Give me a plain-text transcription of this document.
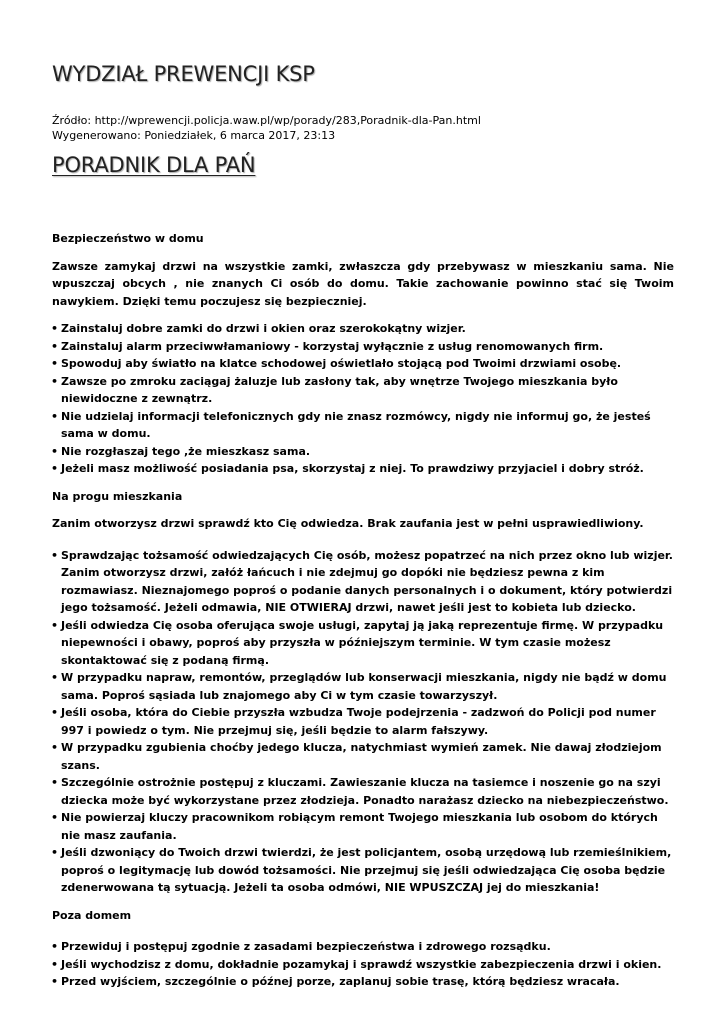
WYDZIAŁ PREWENCJI KSP
Źródło: http://wprewencji.policja.waw.pl/wp/porady/283,Poradnik-dla-Pan.html
Wygenerowano: Poniedziałek, 6 marca 2017, 23:13
PORADNIK DLA PAŃ

Bezpieczeństwo w domu

Zawsze zamykaj drzwi na wszystkie zamki, zwłaszcza gdy przebywasz w mieszkaniu sama. Nie wpuszczaj obcych , nie znanych Ci osób do domu. Takie zachowanie powinno stać się Twoim nawykiem. Dzięki temu poczujesz się bezpieczniej.

• Zainstaluj dobre zamki do drzwi i okien oraz szerokokątny wizjer.
• Zainstaluj alarm przeciwwłamaniowy - korzystaj wyłącznie z usług renomowanych firm.
• Spowoduj aby światło na klatce schodowej oświetlało stojącą pod Twoimi drzwiami osobę.
• Zawsze po zmroku zaciągaj żaluzje lub zasłony tak, aby wnętrze Twojego mieszkania było niewidoczne z zewnątrz.
• Nie udzielaj informacji telefonicznych gdy nie znasz rozmówcy, nigdy nie informuj go, że jesteś sama w domu.
• Nie rozgłaszaj tego ,że mieszkasz sama.
• Jeżeli masz możliwość posiadania psa, skorzystaj z niej. To prawdziwy przyjaciel i dobry stróż.

Na progu mieszkania

Zanim otworzysz drzwi sprawdź kto Cię odwiedza. Brak zaufania jest w pełni usprawiedliwiony.

• Sprawdzając tożsamość odwiedzających Cię osób, możesz popatrzeć na nich przez okno lub wizjer. Zanim otworzysz drzwi, załóż łańcuch i nie zdejmuj go dopóki nie będziesz pewna z kim rozmawiasz. Nieznajomego poproś o podanie danych personalnych i o dokument, który potwierdzi jego tożsamość. Jeżeli odmawia, NIE OTWIERAJ drzwi, nawet jeśli jest to kobieta lub dziecko.
• Jeśli odwiedza Cię osoba oferująca swoje usługi, zapytaj ją jaką reprezentuje firmę. W przypadku niepewności i obawy, poproś aby przyszła w późniejszym terminie. W tym czasie możesz skontaktować się z podaną firmą.
• W przypadku napraw, remontów, przeglądów lub konserwacji mieszkania, nigdy nie bądź w domu sama. Poproś sąsiada lub znajomego aby Ci w tym czasie towarzyszył.
• Jeśli osoba, która do Ciebie przyszła wzbudza Twoje podejrzenia - zadzwoń do Policji pod numer 997 i powiedz o tym. Nie przejmuj się, jeśli będzie to alarm fałszywy.
• W przypadku zgubienia choćby jedego klucza, natychmiast wymień zamek. Nie dawaj złodziejom szans.
• Szczególnie ostrożnie postępuj z kluczami. Zawieszanie klucza na tasiemce i noszenie go na szyi dziecka może być wykorzystane przez złodzieja. Ponadto narażasz dziecko na niebezpieczeństwo.
• Nie powierzaj kluczy pracownikom robiącym remont Twojego mieszkania lub osobom do których nie masz zaufania.
• Jeśli dzwoniący do Twoich drzwi twierdzi, że jest policjantem, osobą urzędową lub rzemieślnikiem, poproś o legitymację lub dowód tożsamości. Nie przejmuj się jeśli odwiedzająca Cię osoba będzie zdenerwowana tą sytuacją. Jeżeli ta osoba odmówi, NIE WPUSZCZAJ jej do mieszkania!

Poza domem

• Przewiduj i postępuj zgodnie z zasadami bezpieczeństwa i zdrowego rozsądku.
• Jeśli wychodzisz z domu, dokładnie pozamykaj i sprawdź wszystkie zabezpieczenia drzwi i okien.
• Przed wyjściem, szczególnie o późnej porze, zaplanuj sobie trasę, którą będziesz wracała.
